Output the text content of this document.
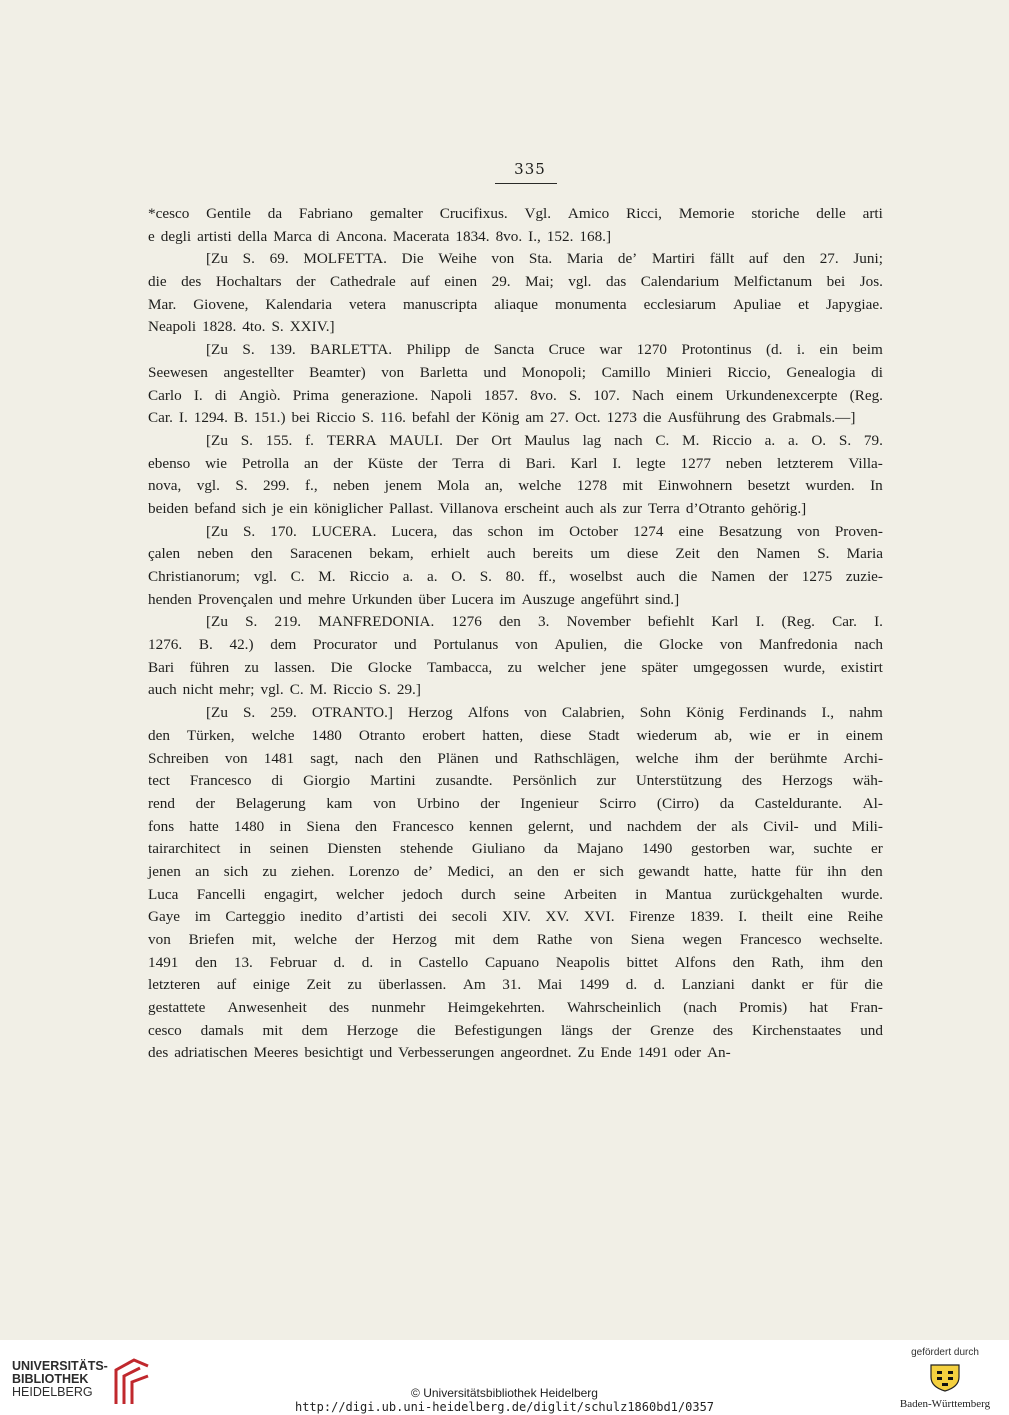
335
*cesco Gentile da Fabriano gemalter Crucifixus. Vgl. Amico Ricci, Memorie storiche delle arti
e degli artisti della Marca di Ancona. Macerata 1834. 8vo. I., 152. 168.]
[Zu S. 69. MOLFETTA. Die Weihe von Sta. Maria de’ Martiri fällt auf den 27. Juni;
die des Hochaltars der Cathedrale auf einen 29. Mai; vgl. das Calendarium Melfictanum bei Jos.
Mar. Giovene, Kalendaria vetera manuscripta aliaque monumenta ecclesiarum Apuliae et Japygiae.
Neapoli 1828. 4to. S. XXIV.]
[Zu S. 139. BARLETTA. Philipp de Sancta Cruce war 1270 Protontinus (d. i. ein beim
Seewesen angestellter Beamter) von Barletta und Monopoli; Camillo Minieri Riccio, Genealogia di
Carlo I. di Angiò. Prima generazione. Napoli 1857. 8vo. S. 107. Nach einem Urkundenexcerpte (Reg.
Car. I. 1294. B. 151.) bei Riccio S. 116. befahl der König am 27. Oct. 1273 die Ausführung des Grabmals.—]
[Zu S. 155. f. TERRA MAULI. Der Ort Maulus lag nach C. M. Riccio a. a. O. S. 79.
ebenso wie Petrolla an der Küste der Terra di Bari. Karl I. legte 1277 neben letzterem Villa-
nova, vgl. S. 299. f., neben jenem Mola an, welche 1278 mit Einwohnern besetzt wurden. In
beiden befand sich je ein königlicher Pallast. Villanova erscheint auch als zur Terra d’Otranto gehörig.]
[Zu S. 170. LUCERA. Lucera, das schon im October 1274 eine Besatzung von Proven-
çalen neben den Saracenen bekam, erhielt auch bereits um diese Zeit den Namen S. Maria
Christianorum; vgl. C. M. Riccio a. a. O. S. 80. ff., woselbst auch die Namen der 1275 zuzie-
henden Provençalen und mehre Urkunden über Lucera im Auszuge angeführt sind.]
[Zu S. 219. MANFREDONIA. 1276 den 3. November befiehlt Karl I. (Reg. Car. I.
1276. B. 42.) dem Procurator und Portulanus von Apulien, die Glocke von Manfredonia nach
Bari führen zu lassen. Die Glocke Tambacca, zu welcher jene später umgegossen wurde, existirt
auch nicht mehr; vgl. C. M. Riccio S. 29.]
[Zu S. 259. OTRANTO.] Herzog Alfons von Calabrien, Sohn König Ferdinands I., nahm
den Türken, welche 1480 Otranto erobert hatten, diese Stadt wiederum ab, wie er in einem
Schreiben von 1481 sagt, nach den Plänen und Rathschlägen, welche ihm der berühmte Archi-
tect Francesco di Giorgio Martini zusandte. Persönlich zur Unterstützung des Herzogs wäh-
rend der Belagerung kam von Urbino der Ingenieur Scirro (Cirro) da Casteldurante. Al-
fons hatte 1480 in Siena den Francesco kennen gelernt, und nachdem der als Civil- und Mili-
tairarchitect in seinen Diensten stehende Giuliano da Majano 1490 gestorben war, suchte er
jenen an sich zu ziehen. Lorenzo de’ Medici, an den er sich gewandt hatte, hatte für ihn den
Luca Fancelli engagirt, welcher jedoch durch seine Arbeiten in Mantua zurückgehalten wurde.
Gaye im Carteggio inedito d’artisti dei secoli XIV. XV. XVI. Firenze 1839. I. theilt eine Reihe
von Briefen mit, welche der Herzog mit dem Rathe von Siena wegen Francesco wechselte.
1491 den 13. Februar d. d. in Castello Capuano Neapolis bittet Alfons den Rath, ihm den
letzteren auf einige Zeit zu überlassen. Am 31. Mai 1499 d. d. Lanziani dankt er für die
gestattete Anwesenheit des nunmehr Heimgekehrten. Wahrscheinlich (nach Promis) hat Fran-
cesco damals mit dem Herzoge die Befestigungen längs der Grenze des Kirchenstaates und
des adriatischen Meeres besichtigt und Verbesserungen angeordnet. Zu Ende 1491 oder An-
UNIVERSITÄTS-
BIBLIOTHEK
HEIDELBERG	© Universitätsbibliothek Heidelberg
http://digi.ub.uni-heidelberg.de/diglit/schulz1860bd1/0357
gefördert durch
Baden-Württemberg
